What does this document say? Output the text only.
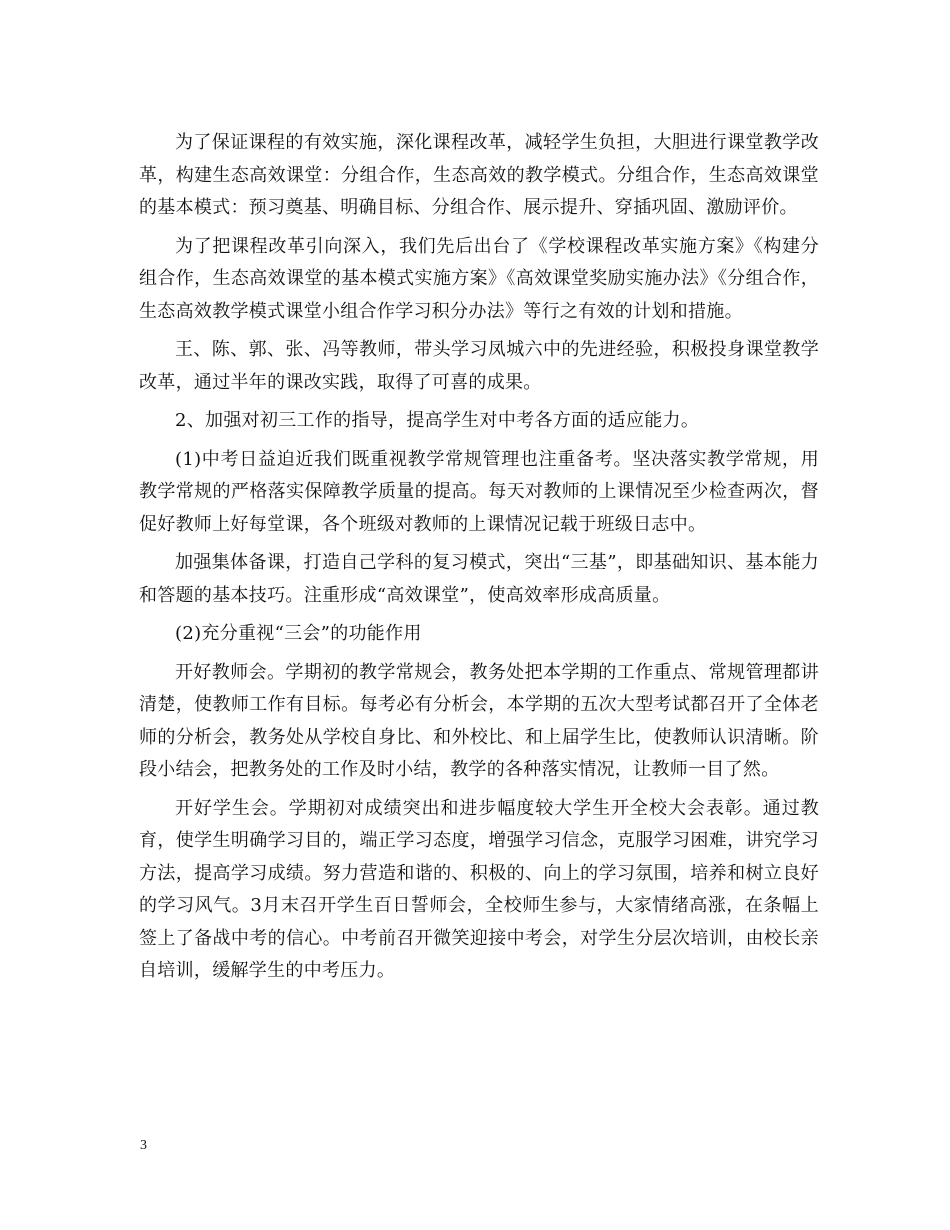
为了保证课程的有效实施，深化课程改革，减轻学生负担，大胆进行课堂教学改革，构建生态高效课堂：分组合作，生态高效的教学模式。分组合作，生态高效课堂的基本模式：预习奠基、明确目标、分组合作、展示提升、穿插巩固、激励评价。

为了把课程改革引向深入，我们先后出台了《学校课程改革实施方案》《构建分组合作，生态高效课堂的基本模式实施方案》《高效课堂奖励实施办法》《分组合作，生态高效教学模式课堂小组合作学习积分办法》等行之有效的计划和措施。

王、陈、郭、张、冯等教师，带头学习凤城六中的先进经验，积极投身课堂教学改革，通过半年的课改实践，取得了可喜的成果。

2、加强对初三工作的指导，提高学生对中考各方面的适应能力。

(1)中考日益迫近我们既重视教学常规管理也注重备考。坚决落实教学常规，用教学常规的严格落实保障教学质量的提高。每天对教师的上课情况至少检查两次，督促好教师上好每堂课，各个班级对教师的上课情况记载于班级日志中。

加强集体备课，打造自己学科的复习模式，突出“三基”，即基础知识、基本能力和答题的基本技巧。注重形成“高效课堂”，使高效率形成高质量。

(2)充分重视“三会”的功能作用

开好教师会。学期初的教学常规会，教务处把本学期的工作重点、常规管理都讲清楚，使教师工作有目标。每考必有分析会，本学期的五次大型考试都召开了全体老师的分析会，教务处从学校自身比、和外校比、和上届学生比，使教师认识清晰。阶段小结会，把教务处的工作及时小结，教学的各种落实情况，让教师一目了然。

开好学生会。学期初对成绩突出和进步幅度较大学生开全校大会表彰。通过教育，使学生明确学习目的，端正学习态度，增强学习信念，克服学习困难，讲究学习方法，提高学习成绩。努力营造和谐的、积极的、向上的学习氛围，培养和树立良好的学习风气。3月末召开学生百日誓师会，全校师生参与，大家情绪高涨，在条幅上签上了备战中考的信心。中考前召开微笑迎接中考会，对学生分层次培训，由校长亲自培训，缓解学生的中考压力。

3
